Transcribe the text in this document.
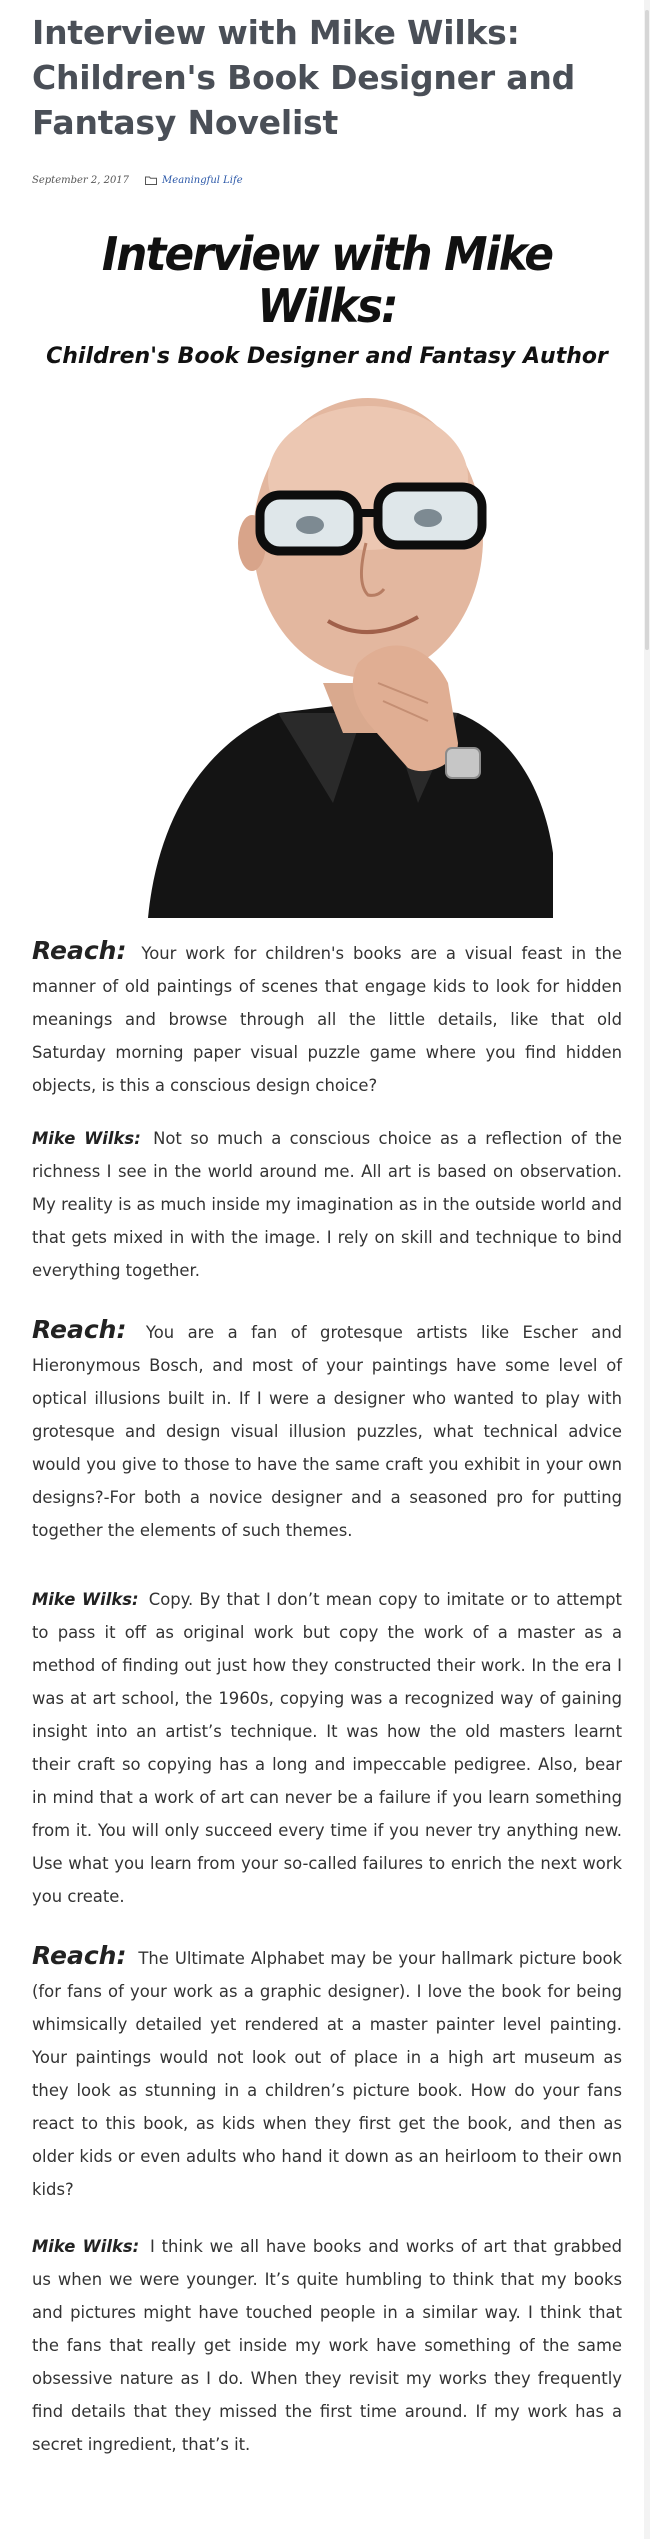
Interview with Mike Wilks: Children's Book Designer and Fantasy Novelist
September 2, 2017	Meaningful Life
Interview with Mike Wilks:
Children's Book Designer and Fantasy Author

Reach: Your work for children's books are a visual feast in the manner of old paintings of scenes that engage kids to look for hidden meanings and browse through all the little details, like that old Saturday morning paper visual puzzle game where you find hidden objects, is this a conscious design choice?

Mike Wilks: Not so much a conscious choice as a reflection of the richness I see in the world around me. All art is based on observation. My reality is as much inside my imagination as in the outside world and that gets mixed in with the image. I rely on skill and technique to bind everything together.

Reach: You are a fan of grotesque artists like Escher and Hieronymous Bosch, and most of your paintings have some level of optical illusions built in. If I were a designer who wanted to play with grotesque and design visual illusion puzzles, what technical advice would you give to those to have the same craft you exhibit in your own designs?-For both a novice designer and a seasoned pro for putting together the elements of such themes.

Mike Wilks: Copy. By that I don’t mean copy to imitate or to attempt to pass it off as original work but copy the work of a master as a method of finding out just how they constructed their work. In the era I was at art school, the 1960s, copying was a recognized way of gaining insight into an artist’s technique. It was how the old masters learnt their craft so copying has a long and impeccable pedigree. Also, bear in mind that a work of art can never be a failure if you learn something from it. You will only succeed every time if you never try anything new. Use what you learn from your so-called failures to enrich the next work you create.

Reach: The Ultimate Alphabet may be your hallmark picture book (for fans of your work as a graphic designer). I love the book for being whimsically detailed yet rendered at a master painter level painting. Your paintings would not look out of place in a high art museum as they look as stunning in a children’s picture book. How do your fans react to this book, as kids when they first get the book, and then as older kids or even adults who hand it down as an heirloom to their own kids?

Mike Wilks: I think we all have books and works of art that grabbed us when we were younger. It’s quite humbling to think that my books and pictures might have touched people in a similar way. I think that the fans that really get inside my work have something of the same obsessive nature as I do. When they revisit my works they frequently find details that they missed the first time around. If my work has a secret ingredient, that’s it.
